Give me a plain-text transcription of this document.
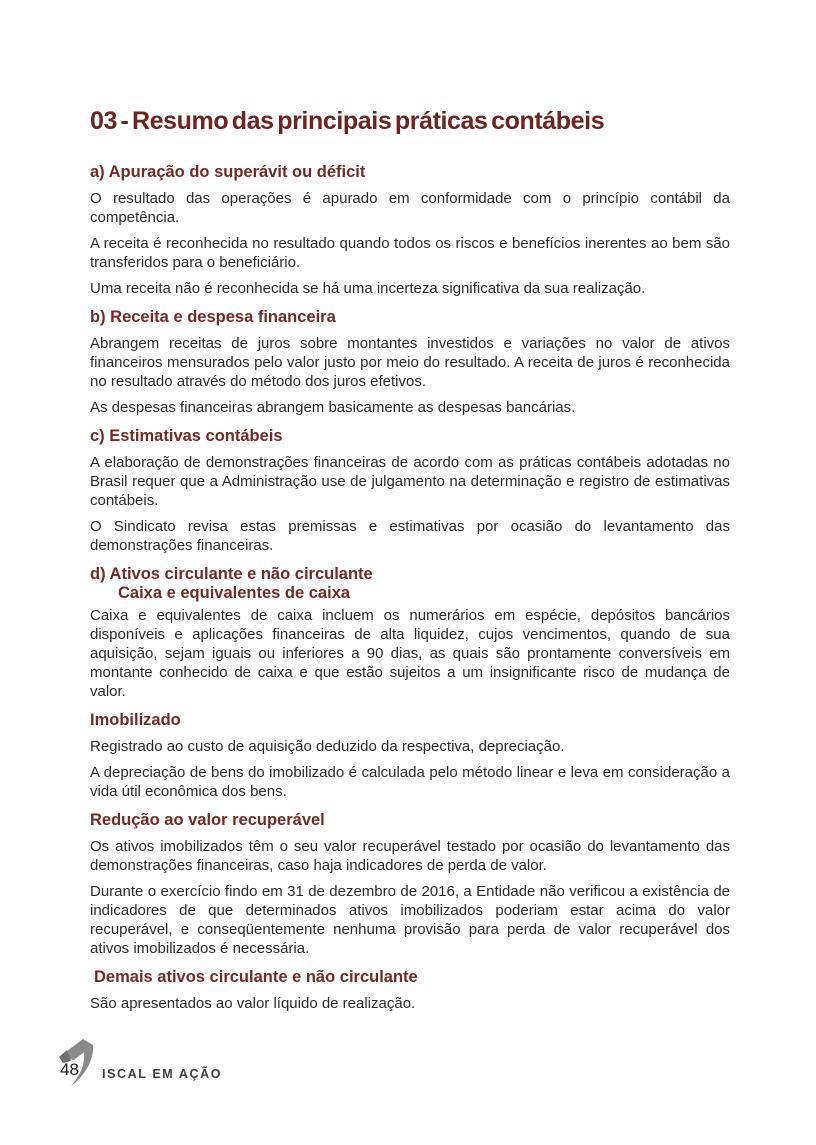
03 - Resumo das principais práticas contábeis
a) Apuração do superávit ou déficit

O resultado das operações é apurado em conformidade com o princípio contábil da competência.

A receita é reconhecida no resultado quando todos os riscos e benefícios inerentes ao bem são transferidos para o beneficiário.

Uma receita não é reconhecida se há uma incerteza significativa da sua realização.

b) Receita e despesa financeira

Abrangem receitas de juros sobre montantes investidos e variações no valor de ativos financeiros mensurados pelo valor justo por meio do resultado. A receita de juros é reconhecida no resultado através do método dos juros efetivos.

As despesas financeiras abrangem basicamente as despesas bancárias.

c) Estimativas contábeis

A elaboração de demonstrações financeiras de acordo com as práticas contábeis adotadas no Brasil requer que a Administração use de julgamento na determinação e registro de estimativas contábeis.

O Sindicato revisa estas premissas e estimativas por ocasião do levantamento das demonstrações financeiras.

d) Ativos circulante e não circulante
Caixa e equivalentes de caixa

Caixa e equivalentes de caixa incluem os numerários em espécie, depósitos bancários disponíveis e aplicações financeiras de alta liquidez, cujos vencimentos, quando de sua aquisição, sejam iguais ou inferiores a 90 dias, as quais são prontamente conversíveis em montante conhecido de caixa e que estão sujeitos a um insignificante risco de mudança de valor.

Imobilizado

Registrado ao custo de aquisição deduzido da respectiva, depreciação.

A depreciação de bens do imobilizado é calculada pelo método linear e leva em consideração a vida útil econômica dos bens.

Redução ao valor recuperável

Os ativos imobilizados têm o seu valor recuperável testado por ocasião do levantamento das demonstrações financeiras, caso haja indicadores de perda de valor.

Durante o exercício findo em 31 de dezembro de 2016, a Entidade não verificou a existência de indicadores de que determinados ativos imobilizados poderiam estar acima do valor recuperável, e conseqüentemente nenhuma provisão para perda de valor recuperável dos ativos imobilizados é necessária.

Demais ativos circulante e não circulante

São apresentados ao valor líquido de realização.

48 ISCAL EM AÇÃO
